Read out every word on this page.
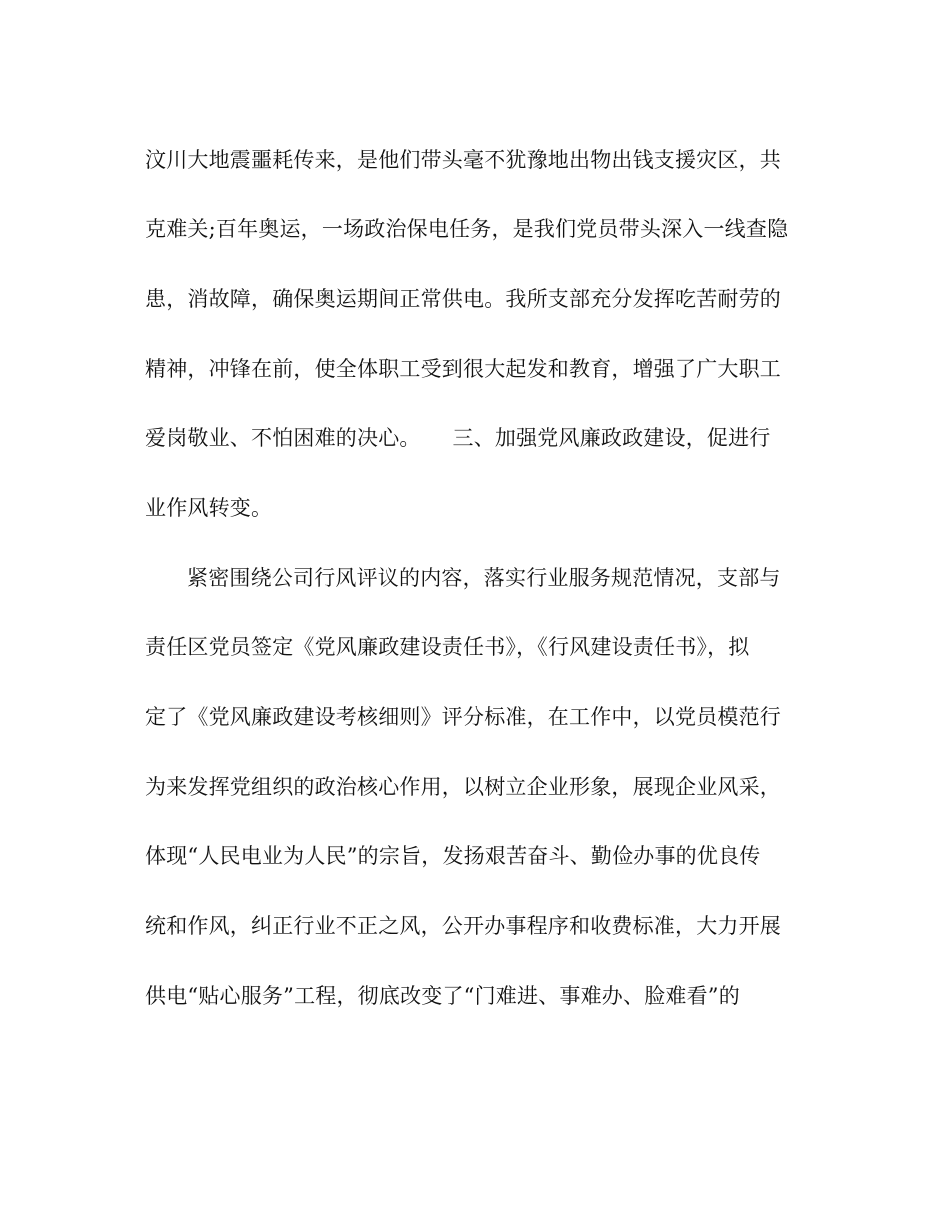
汶川大地震噩耗传来，是他们带头毫不犹豫地出物出钱支援灾区，共
克难关;百年奥运，一场政治保电任务，是我们党员带头深入一线查隐
患，消故障，确保奥运期间正常供电。我所支部充分发挥吃苦耐劳的
精神，冲锋在前，使全体职工受到很大起发和教育，增强了广大职工
爱岗敬业、不怕困难的决心。　　三、加强党风廉政政建设，促进行
业作风转变。
紧密围绕公司行风评议的内容，落实行业服务规范情况，支部与
责任区党员签定《党风廉政建设责任书》，《行风建设责任书》，拟
定了《党风廉政建设考核细则》评分标准，在工作中，以党员模范行
为来发挥党组织的政治核心作用，以树立企业形象，展现企业风采，
体现“人民电业为人民”的宗旨，发扬艰苦奋斗、勤俭办事的优良传
统和作风，纠正行业不正之风，公开办事程序和收费标准，大力开展
供电“贴心服务”工程，彻底改变了“门难进、事难办、脸难看”的
